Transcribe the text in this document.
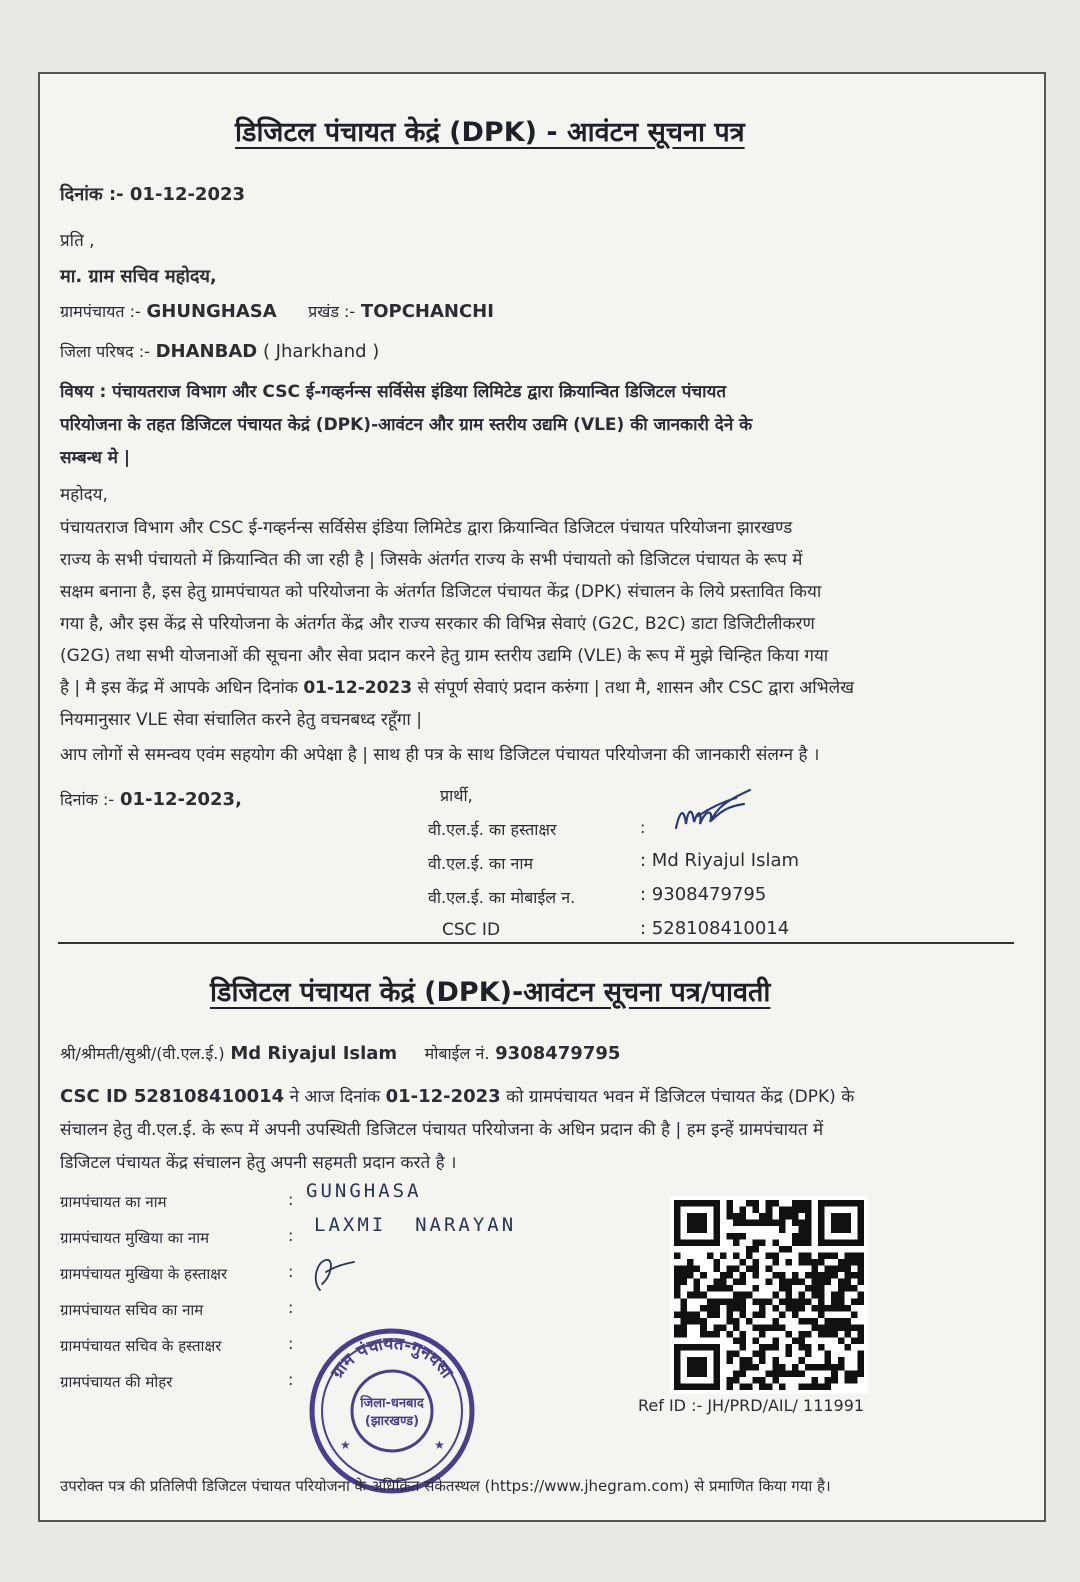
डिजिटल पंचायत केद्रं (DPK) - आवंटन सूचना पत्र
दिनांक :- 01-12-2023
प्रति ,
मा. ग्राम सचिव महोदय,
ग्रामपंचायत :- GHUNGHASA प्रखंड :- TOPCHANCHI
जिला परिषद :- DHANBAD ( Jharkhand )
विषय : पंचायतराज विभाग और CSC ई-गव्हर्नन्स सर्विसेस इंडिया लिमिटेड द्वारा क्रियान्वित डिजिटल पंचायत
परियोजना के तहत डिजिटल पंचायत केद्रं (DPK)-आवंटन और ग्राम स्तरीय उद्यमि (VLE) की जानकारी देने के
सम्बन्ध मे |
महोदय,
पंचायतराज विभाग और CSC ई-गव्हर्नन्स सर्विसेस इंडिया लिमिटेड द्वारा क्रियान्वित डिजिटल पंचायत परियोजना झारखण्ड
राज्य के सभी पंचायतो में क्रियान्वित की जा रही है | जिसके अंतर्गत राज्य के सभी पंचायतो को डिजिटल पंचायत के रूप में
सक्षम बनाना है, इस हेतु ग्रामपंचायत को परियोजना के अंतर्गत डिजिटल पंचायत केंद्र (DPK) संचालन के लिये प्रस्तावित किया
गया है, और इस केंद्र से परियोजना के अंतर्गत केंद्र और राज्य सरकार की विभिन्न सेवाएं (G2C, B2C) डाटा डिजिटीलीकरण
(G2G) तथा सभी योजनाओं की सूचना और सेवा प्रदान करने हेतु ग्राम स्तरीय उद्यमि (VLE) के रूप में मुझे चिन्हित किया गया
है | मै इस केंद्र में आपके अधिन दिनांक 01-12-2023 से संपूर्ण सेवाएं प्रदान करुंगा | तथा मै, शासन और CSC द्वारा अभिलेख
नियमानुसार VLE सेवा संचालित करने हेतु वचनबध्द रहूँगा |
आप लोगों से समन्वय एवंम सहयोग की अपेक्षा है | साथ ही पत्र के साथ डिजिटल पंचायत परियोजना की जानकारी संलग्न है ।
दिनांक :- 01-12-2023,	प्रार्थी,
वी.एल.ई. का हस्ताक्षर	:
वी.एल.ई. का नाम	: Md Riyajul Islam
वी.एल.ई. का मोबाईल न.	: 9308479795
CSC ID	: 528108410014
डिजिटल पंचायत केद्रं (DPK)-आवंटन सूचना पत्र/पावती
श्री/श्रीमती/सुश्री/(वी.एल.ई.) Md Riyajul Islam मोबाईल नं. 9308479795
CSC ID 528108410014 ने आज दिनांक 01-12-2023 को ग्रामपंचायत भवन में डिजिटल पंचायत केंद्र (DPK) के
संचालन हेतु वी.एल.ई. के रूप में अपनी उपस्थिती डिजिटल पंचायत परियोजना के अधिन प्रदान की है | हम इन्हें ग्रामपंचायत में
डिजिटल पंचायत केंद्र संचालन हेतु अपनी सहमती प्रदान करते है ।
ग्रामपंचायत का नाम	: GUNGHASA
ग्रामपंचायत मुखिया का नाम	: LAXMI  NARAYAN
ग्रामपंचायत मुखिया के हस्ताक्षर	:
ग्रामपंचायत सचिव का नाम	:
ग्रामपंचायत सचिव के हस्ताक्षर	:
ग्रामपंचायत की मोहर	:
Ref ID :- JH/PRD/AIL/ 111991
ग्राम पंचायत-गुनघसा
जिला-धनबाद
(झारखण्ड)
★	★
उपरोक्त पत्र की प्रतिलिपी डिजिटल पंचायत परियोजना के अधिक्रित संकेतस्थल (https://www.jhegram.com) से प्रमाणित किया गया है।
